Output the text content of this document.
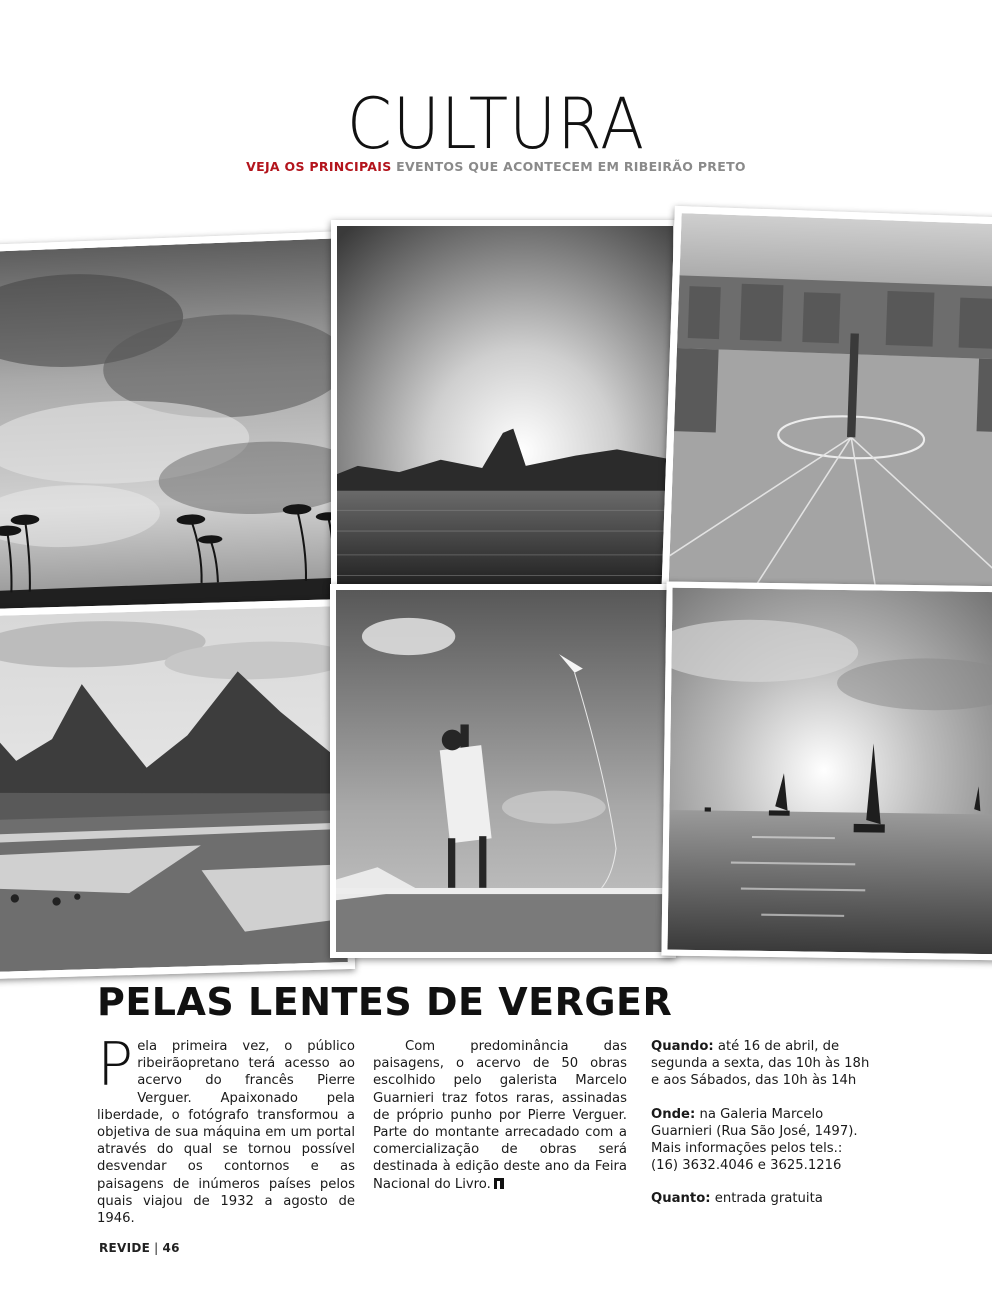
CULTURA
VEJA OS PRINCIPAIS EVENTOS QUE ACONTECEM EM RIBEIRÃO PRETO
PELAS LENTES DE VERGER
P ela primeira vez, o público ribeirãopretano terá acesso ao acervo do francês Pierre Verguer. Apaixonado pela liberdade, o fotógrafo transformou a objetiva de sua máquina em um portal através do qual se tornou possível desvendar os contornos e as paisagens de inúmeros países pelos quais viajou de 1932 a agosto de 1946.
Com predominância das paisagens, o acervo de 50 obras escolhido pelo galerista Marcelo Guarnieri traz fotos raras, assinadas de próprio punho por Pierre Verguer. Parte do montante arrecadado com a comercialização de obras será destinada à edição deste ano da Feira Nacional do Livro.
Quando: até 16 de abril, de segunda a sexta, das 10h às 18h e aos Sábados, das 10h às 14h
Onde: na Galeria Marcelo Guarnieri (Rua São José, 1497). Mais informações pelos tels.:
(16) 3632.4046 e 3625.1216
Quanto: entrada gratuita
REVIDE | 46
